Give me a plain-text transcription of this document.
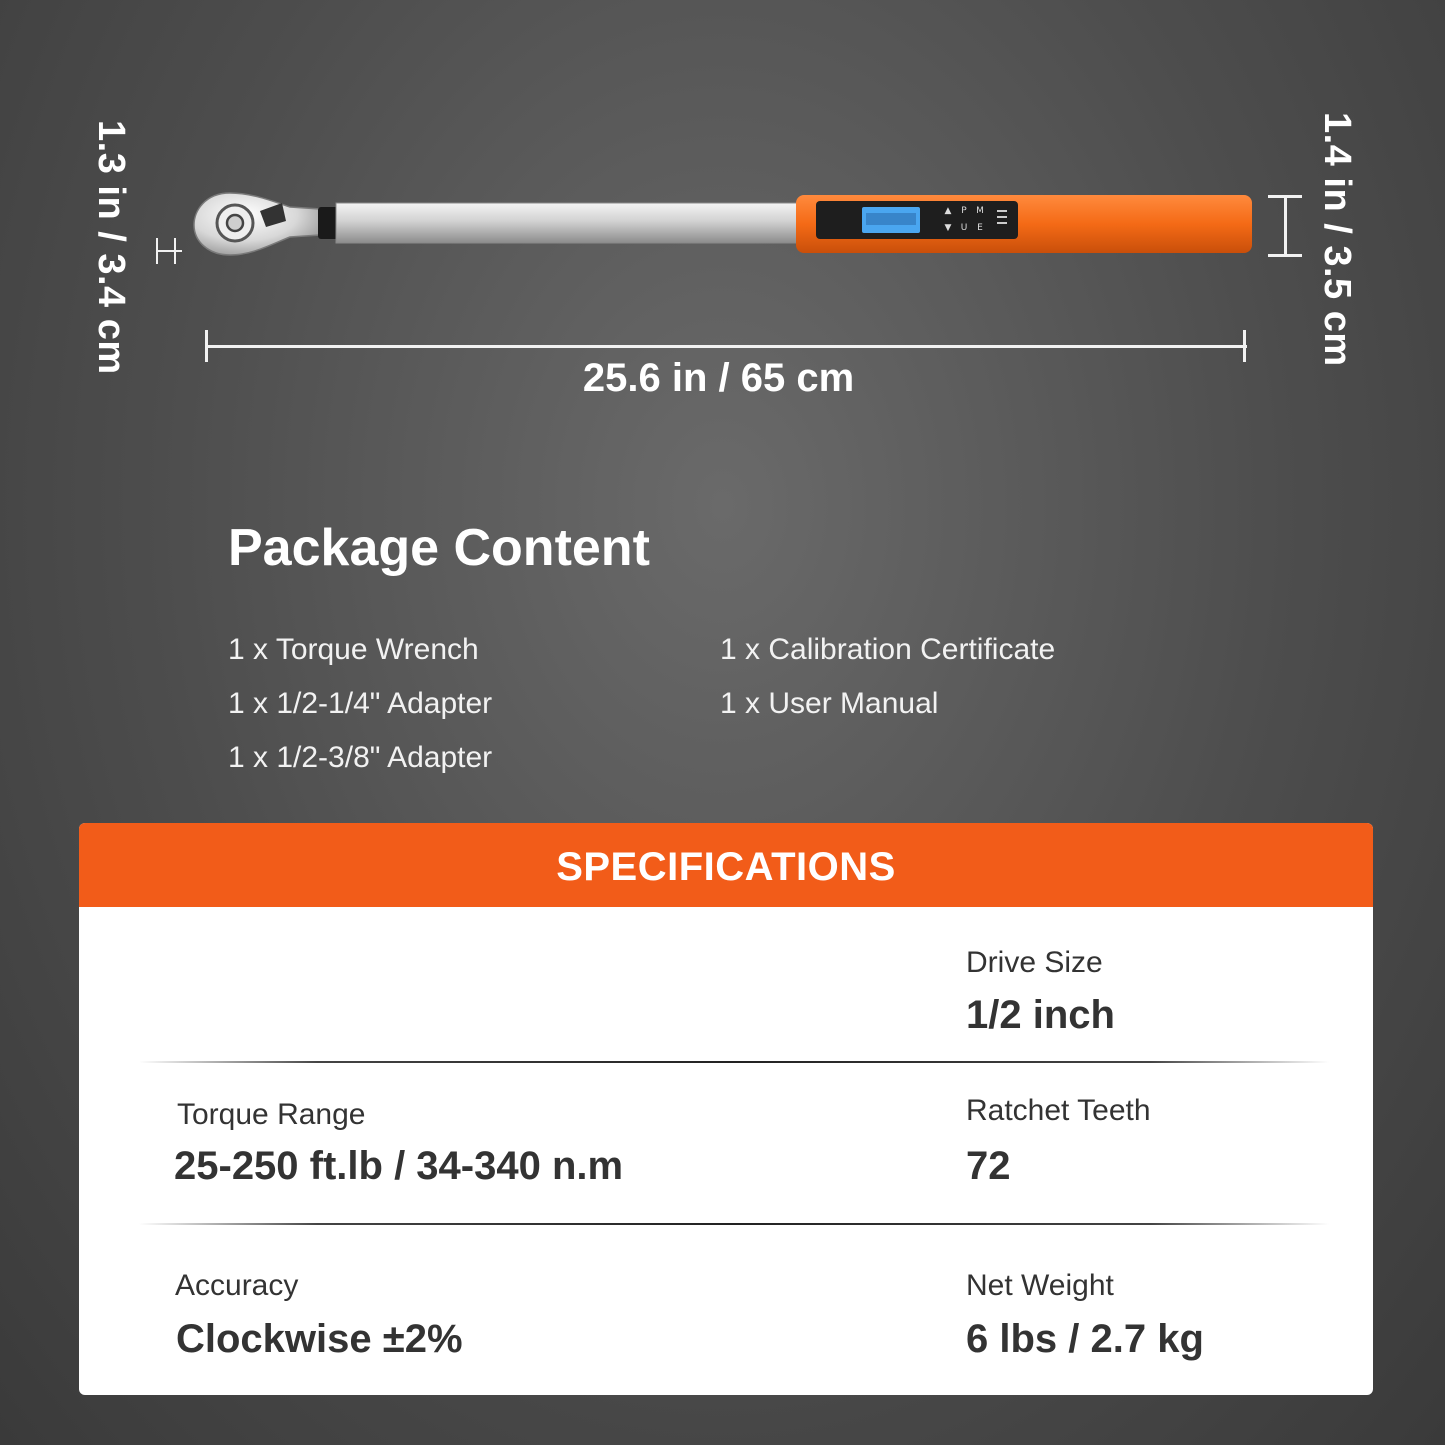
1.3 in / 3.4 cm	1.4 in / 3.5 cm
25.6 in / 65 cm
▲	P	M
▼	U	E
Package Content
1 x Torque Wrench
1 x 1/2-1/4" Adapter
1 x 1/2-3/8" Adapter
1 x Calibration Certificate
1 x User Manual
SPECIFICATIONS
Drive Size
1/2 inch
Torque Range
25-250 ft.lb / 34-340 n.m
Ratchet Teeth
72
Accuracy
Clockwise ±2%
Net Weight
6 lbs / 2.7 kg
